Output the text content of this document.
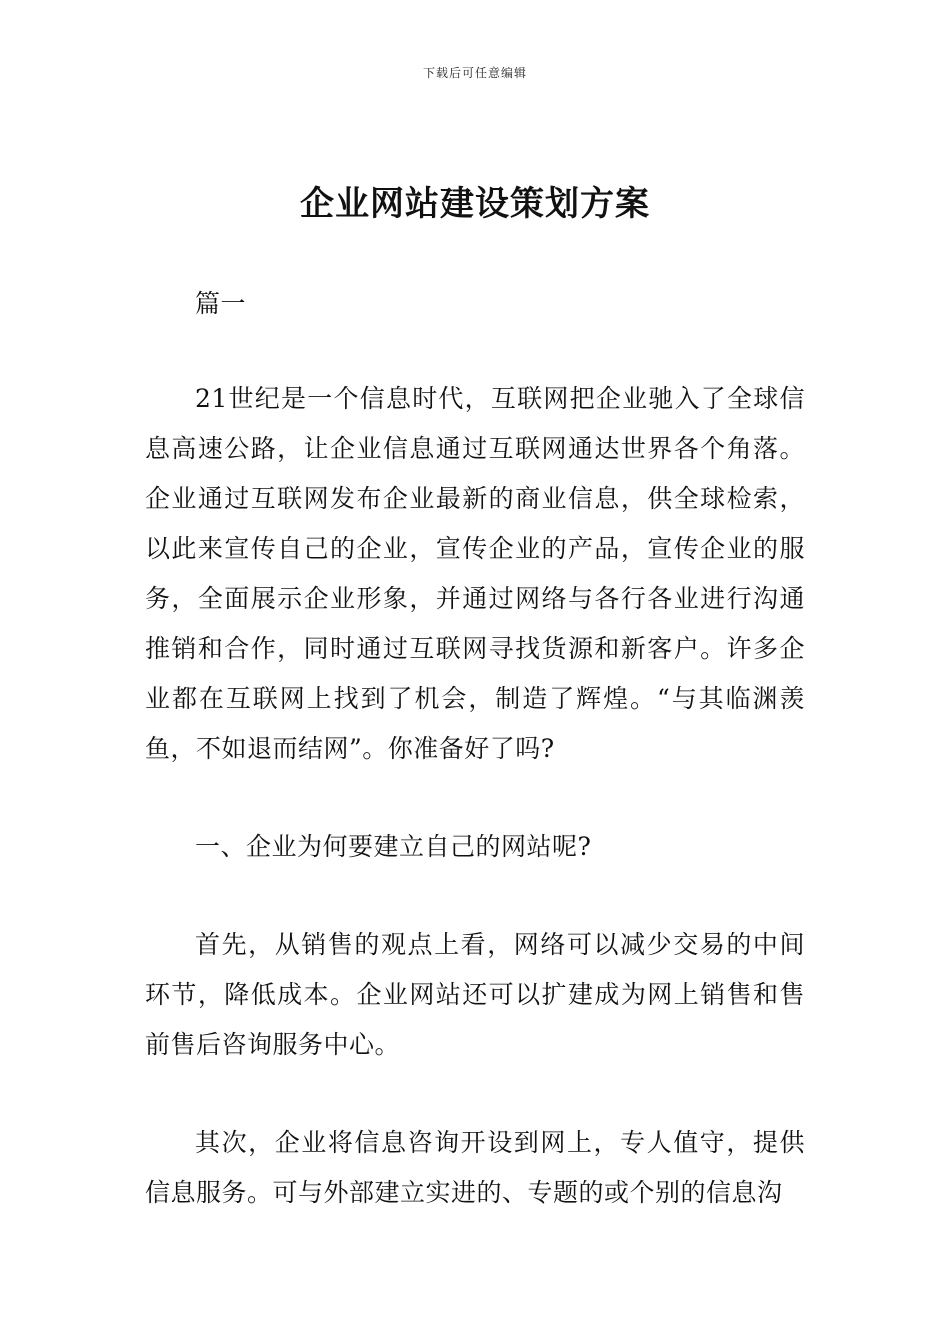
下载后可任意编辑
企业网站建设策划方案

篇一

21世纪是一个信息时代，互联网把企业驰入了全球信息高速公路，让企业信息通过互联网通达世界各个角落。企业通过互联网发布企业最新的商业信息，供全球检索，以此来宣传自己的企业，宣传企业的产品，宣传企业的服务，全面展示企业形象，并通过网络与各行各业进行沟通推销和合作，同时通过互联网寻找货源和新客户。许多企业都在互联网上找到了机会，制造了辉煌。“与其临渊羡鱼，不如退而结网”。你准备好了吗?

一、企业为何要建立自己的网站呢?

首先，从销售的观点上看，网络可以减少交易的中间环节，降低成本。企业网站还可以扩建成为网上销售和售前售后咨询服务中心。

其次，企业将信息咨询开设到网上，专人值守，提供信息服务。可与外部建立实进的、专题的或个别的信息沟
